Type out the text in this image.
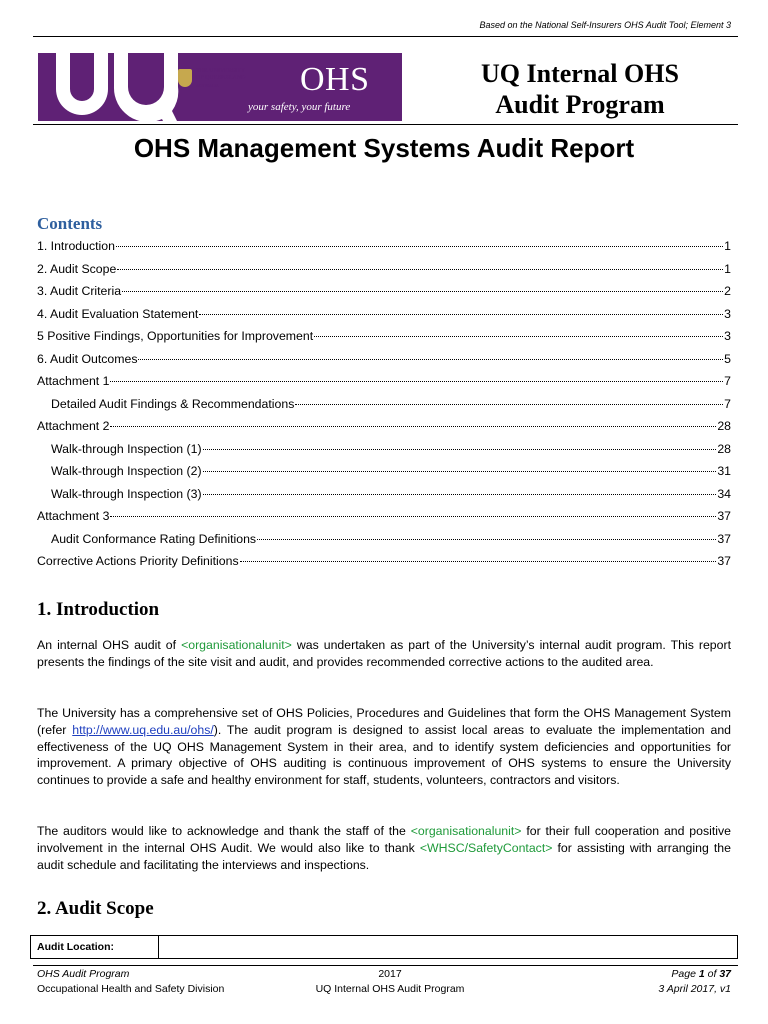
Based on the National Self-Insurers OHS Audit Tool; Element 3
THE UNIVERSITY
OF QUEENSLAND
AUSTRALIA	OHS
your safety, your future
UQ Internal OHS
Audit Program
OHS Management Systems Audit Report
Contents
1. Introduction	1
2. Audit Scope	1
3. Audit Criteria	2
4. Audit Evaluation Statement	3
5 Positive Findings, Opportunities for Improvement	3
6. Audit Outcomes	5
Attachment 1	7
Detailed Audit Findings & Recommendations	7
Attachment 2	28
Walk-through Inspection (1)	28
Walk-through Inspection (2)	31
Walk-through Inspection (3)	34
Attachment 3	37
Audit Conformance Rating Definitions	37
Corrective Actions Priority Definitions	37
1. Introduction

An internal OHS audit of <organisationalunit> was undertaken as part of the University’s internal audit program. This report presents the findings of the site visit and audit, and provides recommended corrective actions to the audited area.

The University has a comprehensive set of OHS Policies, Procedures and Guidelines that form the OHS Management System (refer http://www.uq.edu.au/ohs/). The audit program is designed to assist local areas to evaluate the implementation and effectiveness of the UQ OHS Management System in their area, and to identify system deficiencies and opportunities for improvement. A primary objective of OHS auditing is continuous improvement of OHS systems to ensure the University continues to provide a safe and healthy environment for staff, students, volunteers, contractors and visitors.

The auditors would like to acknowledge and thank the staff of the <organisationalunit> for their full cooperation and positive involvement in the internal OHS Audit. We would also like to thank <WHSC/SafetyContact> for assisting with arranging the audit schedule and facilitating the interviews and inspections.

2. Audit Scope
Audit Location:
OHS Audit Program
Occupational Health and Safety Division
2017
UQ Internal OHS Audit Program
Page 1 of 37
3 April 2017, v1
